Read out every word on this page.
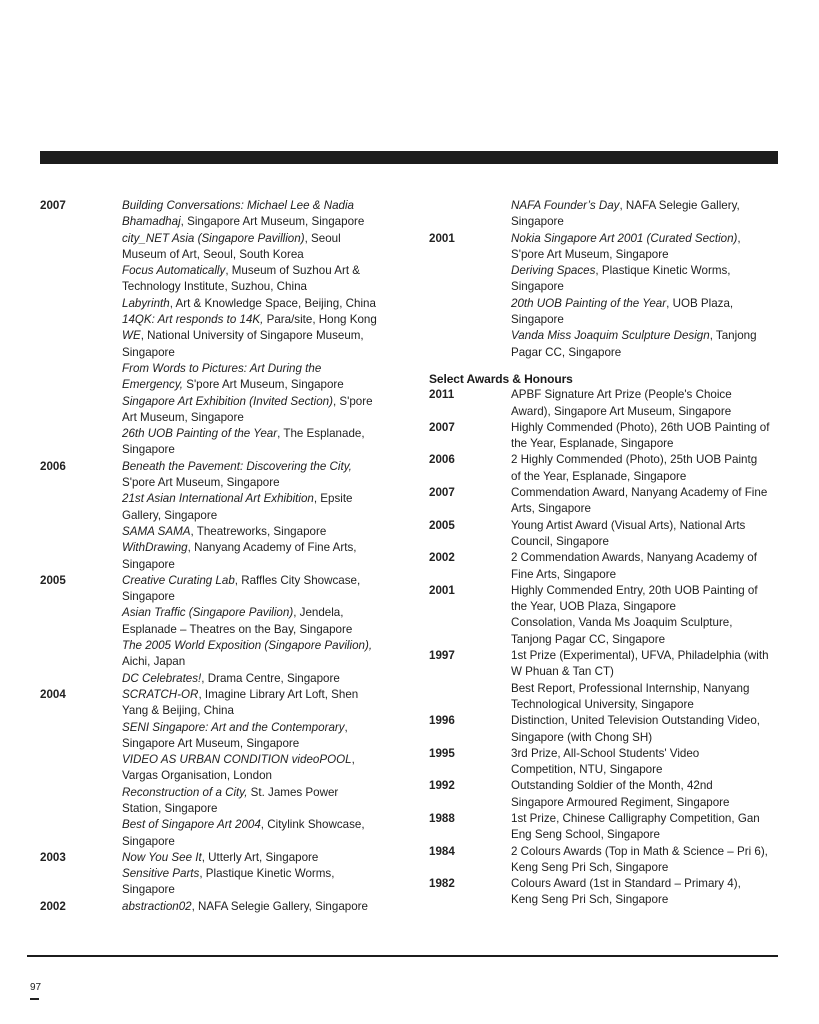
2007	Building Conversations: Michael Lee & Nadia
Bhamadhaj, Singapore Art Museum, Singapore
city_NET Asia (Singapore Pavillion), Seoul
Museum of Art, Seoul, South Korea
Focus Automatically, Museum of Suzhou Art &
Technology Institute, Suzhou, China
Labyrinth, Art & Knowledge Space, Beijing, China
14QK: Art responds to 14K, Para/site, Hong Kong
WE, National University of Singapore Museum,
Singapore
From Words to Pictures: Art During the
Emergency, S'pore Art Museum, Singapore
Singapore Art Exhibition (Invited Section), S'pore
Art Museum, Singapore
26th UOB Painting of the Year, The Esplanade,
Singapore
2006	Beneath the Pavement: Discovering the City,
S'pore Art Museum, Singapore
21st Asian International Art Exhibition, Epsite
Gallery, Singapore
SAMA SAMA, Theatreworks, Singapore
WithDrawing, Nanyang Academy of Fine Arts,
Singapore
2005	Creative Curating Lab, Raffles City Showcase,
Singapore
Asian Traffic (Singapore Pavilion), Jendela,
Esplanade – Theatres on the Bay, Singapore
The 2005 World Exposition (Singapore Pavilion),
Aichi, Japan
DC Celebrates!, Drama Centre, Singapore
2004	SCRATCH-OR, Imagine Library Art Loft, Shen
Yang & Beijing, China
SENI Singapore: Art and the Contemporary,
Singapore Art Museum, Singapore
VIDEO AS URBAN CONDITION videoPOOL,
Vargas Organisation, London
Reconstruction of a City, St. James Power
Station, Singapore
Best of Singapore Art 2004, Citylink Showcase,
Singapore
2003	Now You See It, Utterly Art, Singapore
Sensitive Parts, Plastique Kinetic Worms,
Singapore
2002	abstraction02, NAFA Selegie Gallery, Singapore
NAFA Founder’s Day, NAFA Selegie Gallery,
Singapore
2001	Nokia Singapore Art 2001 (Curated Section),
S'pore Art Museum, Singapore
Deriving Spaces, Plastique Kinetic Worms,
Singapore
20th UOB Painting of the Year, UOB Plaza,
Singapore
Vanda Miss Joaquim Sculpture Design, Tanjong
Pagar CC, Singapore
Select Awards & Honours
2011	APBF Signature Art Prize (People's Choice
Award), Singapore Art Museum, Singapore
2007	Highly Commended (Photo), 26th UOB Painting of
the Year, Esplanade, Singapore
2006	2 Highly Commended (Photo), 25th UOB Paintg
of the Year, Esplanade, Singapore
2007	Commendation Award, Nanyang Academy of Fine
Arts, Singapore
2005	Young Artist Award (Visual Arts), National Arts
Council, Singapore
2002	2 Commendation Awards, Nanyang Academy of
Fine Arts, Singapore
2001	Highly Commended Entry, 20th UOB Painting of
the Year, UOB Plaza, Singapore
Consolation, Vanda Ms Joaquim Sculpture,
Tanjong Pagar CC, Singapore
1997	1st Prize (Experimental), UFVA, Philadelphia (with
W Phuan & Tan CT)
Best Report, Professional Internship, Nanyang
Technological University, Singapore
1996	Distinction, United Television Outstanding Video,
Singapore (with Chong SH)
1995	3rd Prize, All-School Students' Video
Competition, NTU, Singapore
1992	Outstanding Soldier of the Month, 42nd
Singapore Armoured Regiment, Singapore
1988	1st Prize, Chinese Calligraphy Competition, Gan
Eng Seng School, Singapore
1984	2 Colours Awards (Top in Math & Science – Pri 6),
Keng Seng Pri Sch, Singapore
1982	Colours Award (1st in Standard – Primary 4),
Keng Seng Pri Sch, Singapore
97
